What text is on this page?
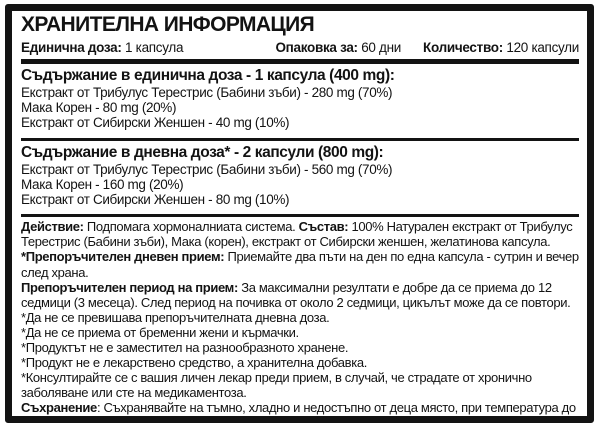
ХРАНИТЕЛНА ИНФОРМАЦИЯ
Единична доза: 1 капсула	Опаковка за: 60 дни Количество: 120 капсули
Съдържание в единична доза - 1 капсула (400 mg):
Екстракт от Трибулус Терестрис (Бабини зъби) - 280 mg (70%)
Мака Корен - 80 mg (20%)
Екстракт от Сибирски Женшен - 40 mg (10%)
Съдържание в дневна доза* - 2 капсули (800 mg):
Екстракт от Трибулус Терестрис (Бабини зъби) - 560 mg (70%)
Мака Корен - 160 mg (20%)
Екстракт от Сибирски Женшен - 80 mg (10%)

Действие: Подпомага хормоналниата система. Състав: 100% Натурален екстракт от Трибулус Терестрис (Бабини зъби), Мака (корен), екстракт от Сибирски женшен, желатинова капсула.

*Препоръчителен дневен прием: Приемайте два пъти на ден по една капсула - сутрин и вечер след храна.

Препоръчителен период на прием: За максимални резултати е добре да се приема до 12 седмици (3 месеца). След период на почивка от около 2 седмици, цикълът може да се повтори.

*Да не се превишава препоръчителната дневна доза.

*Да не се приема от бременни жени и кърмачки.

*Продуктът не е заместител на разнообразното хранене.

*Продукт не е лекарствено средство, а хранителна добавка.

*Консултирайте се с вашия личен лекар преди прием, в случай, че страдате от хронично заболяване или сте на медикаментоза.

Съхранение: Съхранявайте на тъмно, хладно и недостъпно от деца място, при температура до 25°C.
